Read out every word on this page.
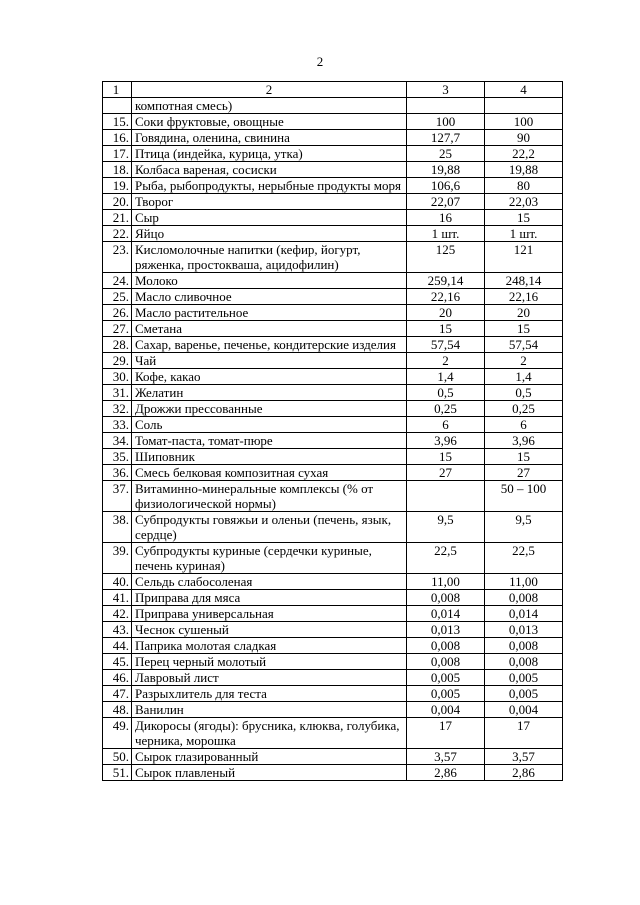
2
1	2	3	4
	компотная смесь)		
15.	Соки фруктовые, овощные	100	100
16.	Говядина, оленина, свинина	127,7	90
17.	Птица (индейка, курица, утка)	25	22,2
18.	Колбаса вареная, сосиски	19,88	19,88
19.	Рыба, рыбопродукты, нерыбные продукты моря	106,6	80
20.	Творог	22,07	22,03
21.	Сыр	16	15
22.	Яйцо	1 шт.	1 шт.
23.	Кисломолочные напитки (кефир, йогурт, ряженка, простокваша, ацидофилин)	125	121
24.	Молоко	259,14	248,14
25.	Масло сливочное	22,16	22,16
26.	Масло растительное	20	20
27.	Сметана	15	15
28.	Сахар, варенье, печенье, кондитерские изделия	57,54	57,54
29.	Чай	2	2
30.	Кофе, какао	1,4	1,4
31.	Желатин	0,5	0,5
32.	Дрожжи прессованные	0,25	0,25
33.	Соль	6	6
34.	Томат-паста, томат-пюре	3,96	3,96
35.	Шиповник	15	15
36.	Смесь белковая композитная сухая	27	27
37.	Витаминно-минеральные комплексы (% от физиологической нормы)		50 – 100
38.	Субпродукты говяжьи и оленьи (печень, язык, сердце)	9,5	9,5
39.	Субпродукты куриные (сердечки куриные, печень куриная)	22,5	22,5
40.	Сельдь слабосоленая	11,00	11,00
41.	Приправа для мяса	0,008	0,008
42.	Приправа универсальная	0,014	0,014
43.	Чеснок сушеный	0,013	0,013
44.	Паприка молотая сладкая	0,008	0,008
45.	Перец черный молотый	0,008	0,008
46.	Лавровый лист	0,005	0,005
47.	Разрыхлитель для теста	0,005	0,005
48.	Ванилин	0,004	0,004
49.	Дикоросы (ягоды): брусника, клюква, голубика, черника, морошка	17	17
50.	Сырок глазированный	3,57	3,57
51.	Сырок плавленый	2,86	2,86
